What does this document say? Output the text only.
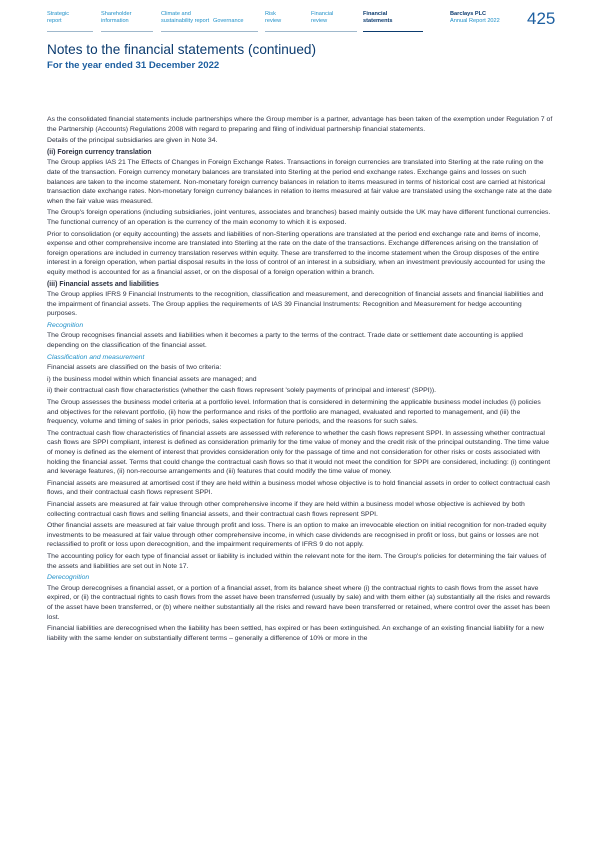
Strategic
report
Shareholder
information
Climate and
sustainability report Governance
Risk
review
Financial
review
Financial
statements
Barclays PLC
Annual Report 2022 425
Notes to the financial statements (continued)
For the year ended 31 December 2022

As the consolidated financial statements include partnerships where the Group member is a partner, advantage has been taken of the exemption under Regulation 7 of the Partnership (Accounts) Regulations 2008 with regard to preparing and filing of individual partnership financial statements.

Details of the principal subsidiaries are given in Note 34.

(ii) Foreign currency translation

The Group applies IAS 21 The Effects of Changes in Foreign Exchange Rates. Transactions in foreign currencies are translated into Sterling at the rate ruling on the date of the transaction. Foreign currency monetary balances are translated into Sterling at the period end exchange rates. Exchange gains and losses on such balances are taken to the income statement. Non-monetary foreign currency balances in relation to items measured in terms of historical cost are carried at historical transaction date exchange rates. Non-monetary foreign currency balances in relation to items measured at fair value are translated using the exchange rate at the date when the fair value was measured.

The Group's foreign operations (including subsidiaries, joint ventures, associates and branches) based mainly outside the UK may have different functional currencies. The functional currency of an operation is the currency of the main economy to which it is exposed.

Prior to consolidation (or equity accounting) the assets and liabilities of non-Sterling operations are translated at the period end exchange rate and items of income, expense and other comprehensive income are translated into Sterling at the rate on the date of the transactions. Exchange differences arising on the translation of foreign operations are included in currency translation reserves within equity. These are transferred to the income statement when the Group disposes of the entire interest in a foreign operation, when partial disposal results in the loss of control of an interest in a subsidiary, when an investment previously accounted for using the equity method is accounted for as a financial asset, or on the disposal of a foreign operation within a branch.

(iii) Financial assets and liabilities

The Group applies IFRS 9 Financial Instruments to the recognition, classification and measurement, and derecognition of financial assets and financial liabilities and the impairment of financial assets. The Group applies the requirements of IAS 39 Financial Instruments: Recognition and Measurement for hedge accounting purposes.

Recognition

The Group recognises financial assets and liabilities when it becomes a party to the terms of the contract. Trade date or settlement date accounting is applied depending on the classification of the financial asset.

Classification and measurement

Financial assets are classified on the basis of two criteria:

i) the business model within which financial assets are managed; and

ii) their contractual cash flow characteristics (whether the cash flows represent 'solely payments of principal and interest' (SPPI)).

The Group assesses the business model criteria at a portfolio level. Information that is considered in determining the applicable business model includes (i) policies and objectives for the relevant portfolio, (ii) how the performance and risks of the portfolio are managed, evaluated and reported to management, and (iii) the frequency, volume and timing of sales in prior periods, sales expectation for future periods, and the reasons for such sales.

The contractual cash flow characteristics of financial assets are assessed with reference to whether the cash flows represent SPPI. In assessing whether contractual cash flows are SPPI compliant, interest is defined as consideration primarily for the time value of money and the credit risk of the principal outstanding. The time value of money is defined as the element of interest that provides consideration only for the passage of time and not consideration for other risks or costs associated with holding the financial asset. Terms that could change the contractual cash flows so that it would not meet the condition for SPPI are considered, including: (i) contingent and leverage features, (ii) non-recourse arrangements and (iii) features that could modify the time value of money.

Financial assets are measured at amortised cost if they are held within a business model whose objective is to hold financial assets in order to collect contractual cash flows, and their contractual cash flows represent SPPI.

Financial assets are measured at fair value through other comprehensive income if they are held within a business model whose objective is achieved by both collecting contractual cash flows and selling financial assets, and their contractual cash flows represent SPPI.

Other financial assets are measured at fair value through profit and loss. There is an option to make an irrevocable election on initial recognition for non-traded equity investments to be measured at fair value through other comprehensive income, in which case dividends are recognised in profit or loss, but gains or losses are not reclassified to profit or loss upon derecognition, and the impairment requirements of IFRS 9 do not apply.

The accounting policy for each type of financial asset or liability is included within the relevant note for the item. The Group's policies for determining the fair values of the assets and liabilities are set out in Note 17.

Derecognition

The Group derecognises a financial asset, or a portion of a financial asset, from its balance sheet where (i) the contractual rights to cash flows from the asset have expired, or (ii) the contractual rights to cash flows from the asset have been transferred (usually by sale) and with them either (a) substantially all the risks and rewards of the asset have been transferred, or (b) where neither substantially all the risks and reward have been transferred or retained, where control over the asset has been lost.

Financial liabilities are derecognised when the liability has been settled, has expired or has been extinguished. An exchange of an existing financial liability for a new liability with the same lender on substantially different terms – generally a difference of 10% or more in the
